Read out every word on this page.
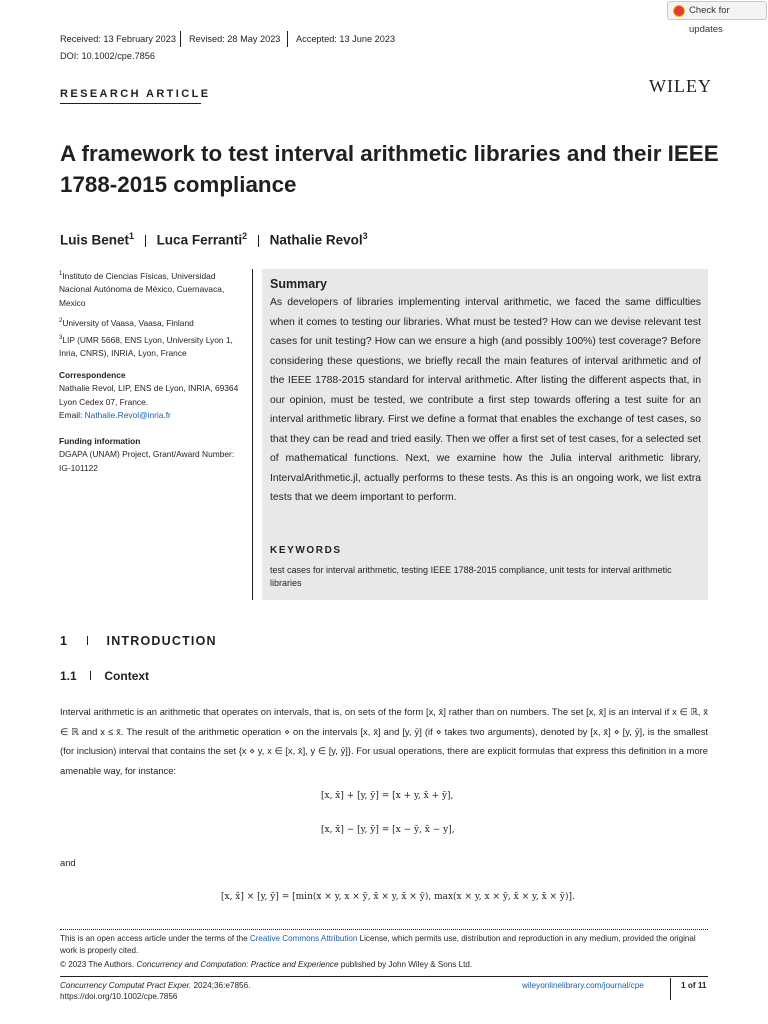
Check for updates
Received: 13 February 2023 Revised: 28 May 2023 Accepted: 13 June 2023
DOI: 10.1002/cpe.7856
RESEARCH ARTICLE	WILEY
A framework to test interval arithmetic libraries and their IEEE 1788-2015 compliance
Luis Benet$^1$ Luca Ferranti$^2$ Nathalie Revol$^3$

$^1$Instituto de Ciencias Físicas, Universidad Nacional Autónoma de México, Cuernavaca, Mexico

$^2$University of Vaasa, Vaasa, Finland

$^3$LIP (UMR 5668, ENS Lyon, University Lyon 1, Inria, CNRS), INRIA, Lyon, France

Correspondence

Nathalie Revol, LIP, ENS de Lyon, INRIA, 69364 Lyon Cedex 07, France.

Email: Nathalie.Revol@inria.fr

Funding information

DGAPA (UNAM) Project, Grant/Award Number: IG-101122

Summary
As developers of libraries implementing interval arithmetic, we faced the same difficulties when it comes to testing our libraries. What must be tested? How can we devise relevant test cases for unit testing? How can we ensure a high (and possibly 100%) test coverage? Before considering these questions, we briefly recall the main features of interval arithmetic and of the IEEE 1788-2015 standard for interval arithmetic. After listing the different aspects that, in our opinion, must be tested, we contribute a first step towards offering a test suite for an interval arithmetic library. First we define a format that enables the exchange of test cases, so that they can be read and tried easily. Then we offer a first set of test cases, for a selected set of mathematical functions. Next, we examine how the Julia interval arithmetic library, IntervalArithmetic.jl, actually performs to these tests. As this is an ongoing work, we list extra tests that we deem important to perform.
KEYWORDS
test cases for interval arithmetic, testing IEEE 1788-2015 compliance, unit tests for interval arithmetic libraries
1	INTRODUCTION
1.1 Context
Interval arithmetic is an arithmetic that operates on intervals, that is, on sets of the form [x, x̄] rather than on numbers. The set [x, x̄] is an interval if x ∈ ℝ, x̄ ∈ ℝ and x ≤ x̄. The result of the arithmetic operation ⋄ on the intervals [x, x̄] and [y, ȳ] (if ⋄ takes two arguments), denoted by [x, x̄] ⋄ [y, ȳ], is the smallest (for inclusion) interval that contains the set {x ⋄ y, x ∈ [x, x̄], y ∈ [y, ȳ]}. For usual operations, there are explicit formulas that express this definition in a more amenable way, for instance:
[x, x̄] + [y, ȳ] = [x + y, x̄ + ȳ],
[x, x̄] − [y, ȳ] = [x − ȳ, x̄ − y],
and
[x, x̄] × [y, ȳ] = [min(x × y, x × ȳ, x̄ × y, x̄ × ȳ), max(x × y, x × ȳ, x̄ × y, x̄ × ȳ)].
This is an open access article under the terms of the Creative Commons Attribution License, which permits use, distribution and reproduction in any medium, provided the original work is properly cited.
© 2023 The Authors. Concurrency and Computation: Practice and Experience published by John Wiley & Sons Ltd.
Concurrency Computat Pract Exper. 2024;36:e7856.
https://doi.org/10.1002/cpe.7856
wileyonlinelibrary.com/journal/cpe	1 of 11
